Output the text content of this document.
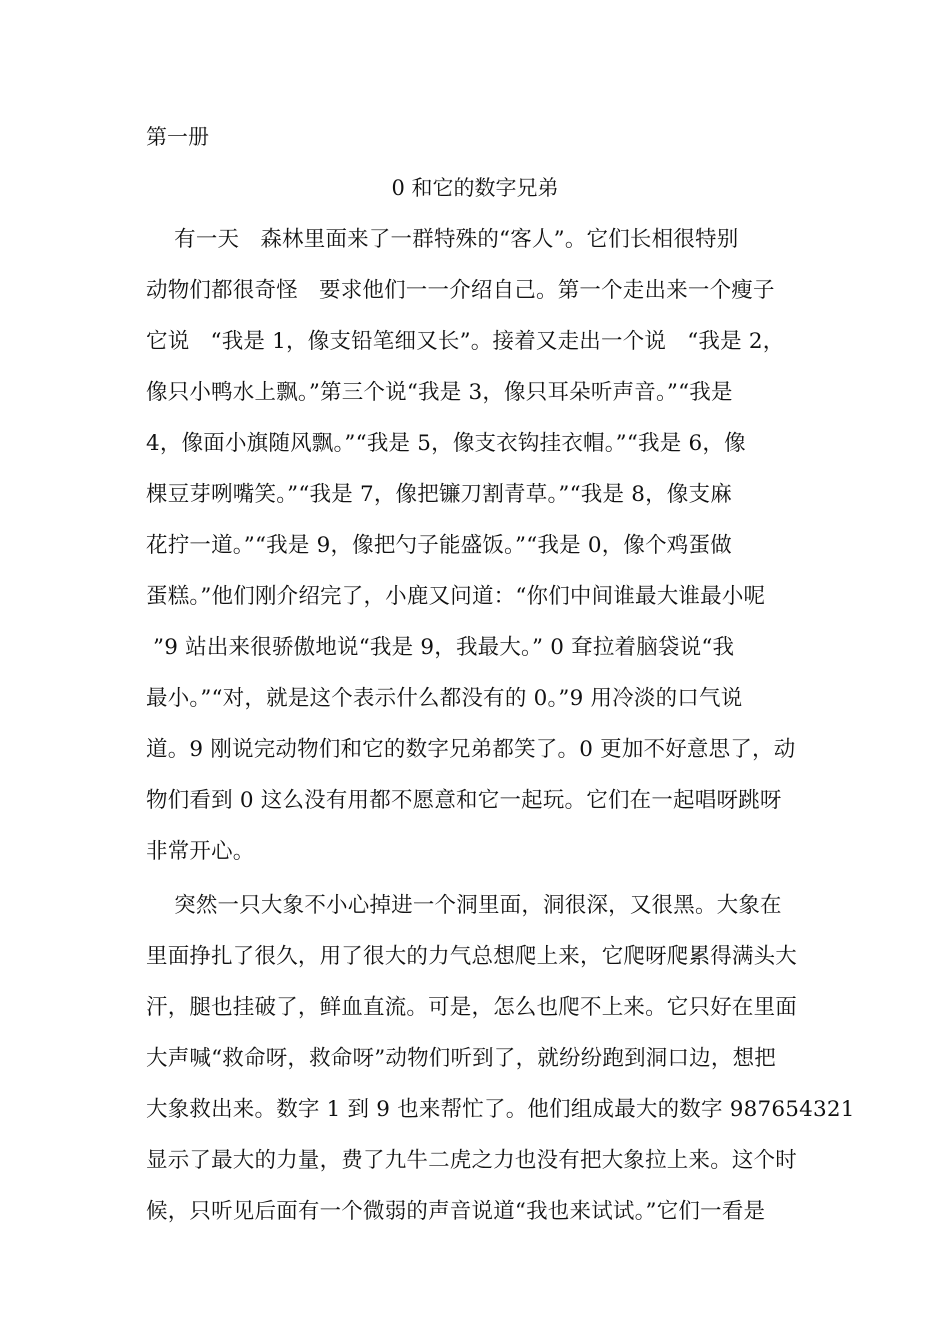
第一册
0 和它的数字兄弟
有一天   森林里面来了一群特殊的“客人”。它们长相很特别
动物们都很奇怪   要求他们一一介绍自己。第一个走出来一个瘦子
它说   “我是 1，像支铅笔细又长”。接着又走出一个说   “我是 2，
像只小鸭水上飘。”第三个说“我是 3，像只耳朵听声音。”“我是
4，像面小旗随风飘。”“我是 5，像支衣钩挂衣帽。”“我是 6，像
棵豆芽咧嘴笑。”“我是 7，像把镰刀割青草。”“我是 8，像支麻
花拧一道。”“我是 9，像把勺子能盛饭。”“我是 0，像个鸡蛋做
蛋糕。”他们刚介绍完了，小鹿又问道：“你们中间谁最大谁最小呢
”9 站出来很骄傲地说“我是 9，我最大。” 0 耷拉着脑袋说“我
最小。”“对，就是这个表示什么都没有的 0。”9 用冷淡的口气说
道。9 刚说完动物们和它的数字兄弟都笑了。0 更加不好意思了，动
物们看到 0 这么没有用都不愿意和它一起玩。它们在一起唱呀跳呀
非常开心。
突然一只大象不小心掉进一个洞里面，洞很深，又很黑。大象在
里面挣扎了很久，用了很大的力气总想爬上来，它爬呀爬累得满头大
汗，腿也挂破了，鲜血直流。可是，怎么也爬不上来。它只好在里面
大声喊“救命呀，救命呀”动物们听到了，就纷纷跑到洞口边，想把
大象救出来。数字 1 到 9 也来帮忙了。他们组成最大的数字 987654321
显示了最大的力量，费了九牛二虎之力也没有把大象拉上来。这个时
候，只听见后面有一个微弱的声音说道“我也来试试。”它们一看是
